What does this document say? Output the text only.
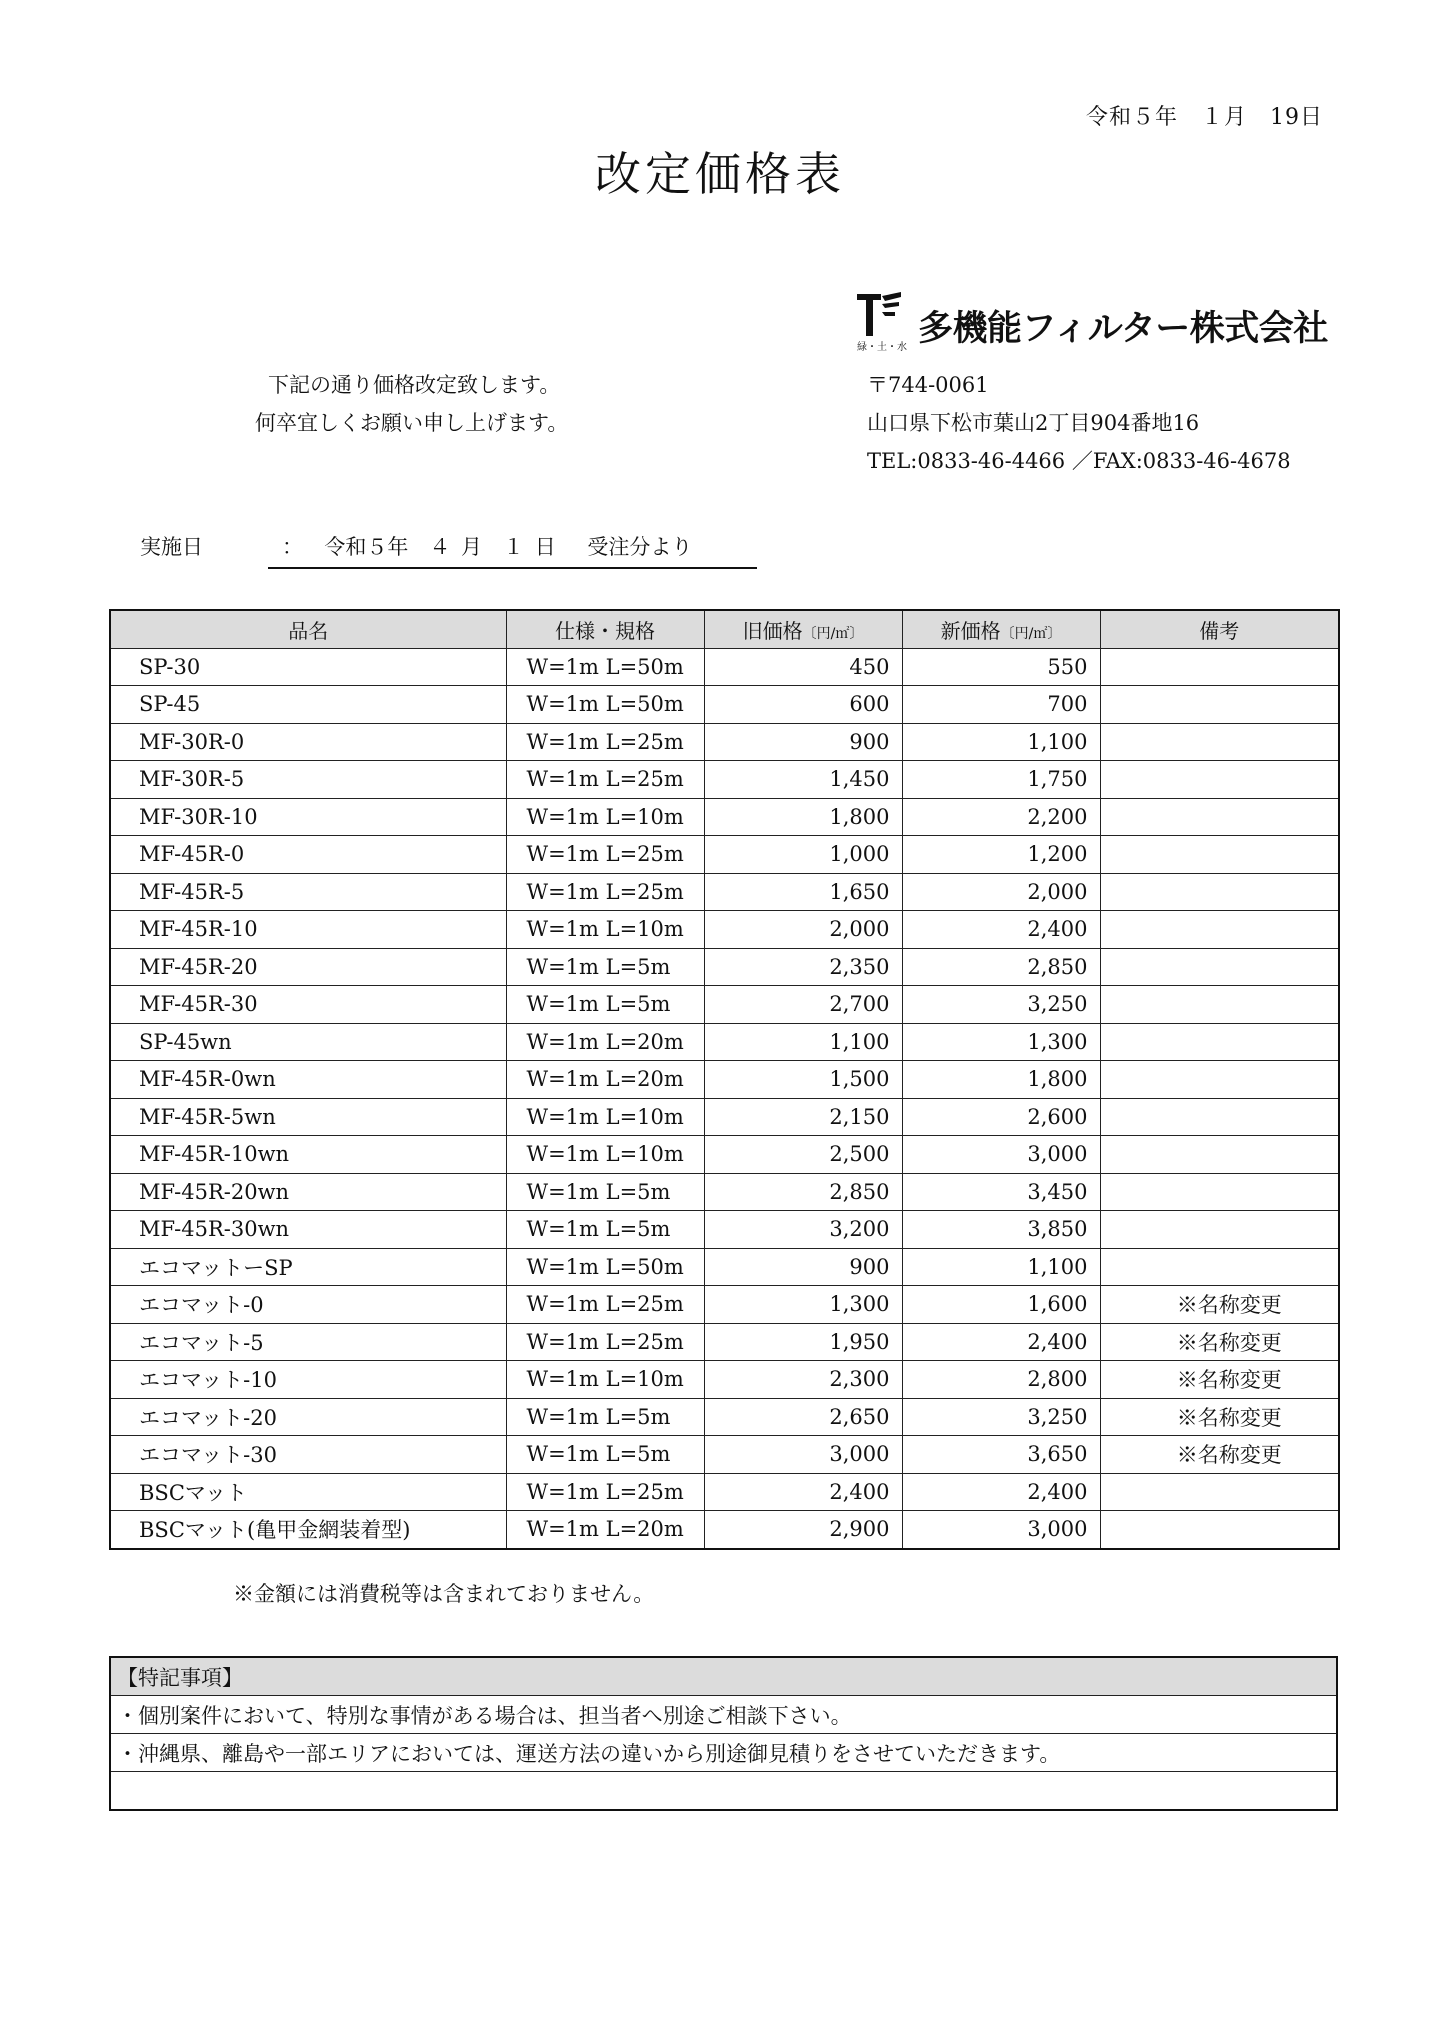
令和５年　１月　19日
改定価格表
緑・土・水 多機能フィルター株式会社
下記の通り価格改定致します。
何卒宜しくお願い申し上げます。
〒744-0061
山口県下松市葉山2丁目904番地16
TEL:0833-46-4466 ／FAX:0833-46-4678
実施日	：  令和５年　４ 月　１ 日　 受注分より
品名	仕様・規格	旧価格〔円/㎡〕	新価格〔円/㎡〕	備考
SP-30	W=1m L=50m	450	550	
SP-45	W=1m L=50m	600	700	
MF-30R-0	W=1m L=25m	900	1,100	
MF-30R-5	W=1m L=25m	1,450	1,750	
MF-30R-10	W=1m L=10m	1,800	2,200	
MF-45R-0	W=1m L=25m	1,000	1,200	
MF-45R-5	W=1m L=25m	1,650	2,000	
MF-45R-10	W=1m L=10m	2,000	2,400	
MF-45R-20	W=1m L=5m	2,350	2,850	
MF-45R-30	W=1m L=5m	2,700	3,250	
SP-45wn	W=1m L=20m	1,100	1,300	
MF-45R-0wn	W=1m L=20m	1,500	1,800	
MF-45R-5wn	W=1m L=10m	2,150	2,600	
MF-45R-10wn	W=1m L=10m	2,500	3,000	
MF-45R-20wn	W=1m L=5m	2,850	3,450	
MF-45R-30wn	W=1m L=5m	3,200	3,850	
エコマットーSP	W=1m L=50m	900	1,100	
エコマット-0	W=1m L=25m	1,300	1,600	※名称変更
エコマット-5	W=1m L=25m	1,950	2,400	※名称変更
エコマット-10	W=1m L=10m	2,300	2,800	※名称変更
エコマット-20	W=1m L=5m	2,650	3,250	※名称変更
エコマット-30	W=1m L=5m	3,000	3,650	※名称変更
BSCマット	W=1m L=25m	2,400	2,400	
BSCマット(亀甲金網装着型)	W=1m L=20m	2,900	3,000	
※金額には消費税等は含まれておりません。
【特記事項】
・個別案件において、特別な事情がある場合は、担当者へ別途ご相談下さい。
・沖縄県、離島や一部エリアにおいては、運送方法の違いから別途御見積りをさせていただきます。
